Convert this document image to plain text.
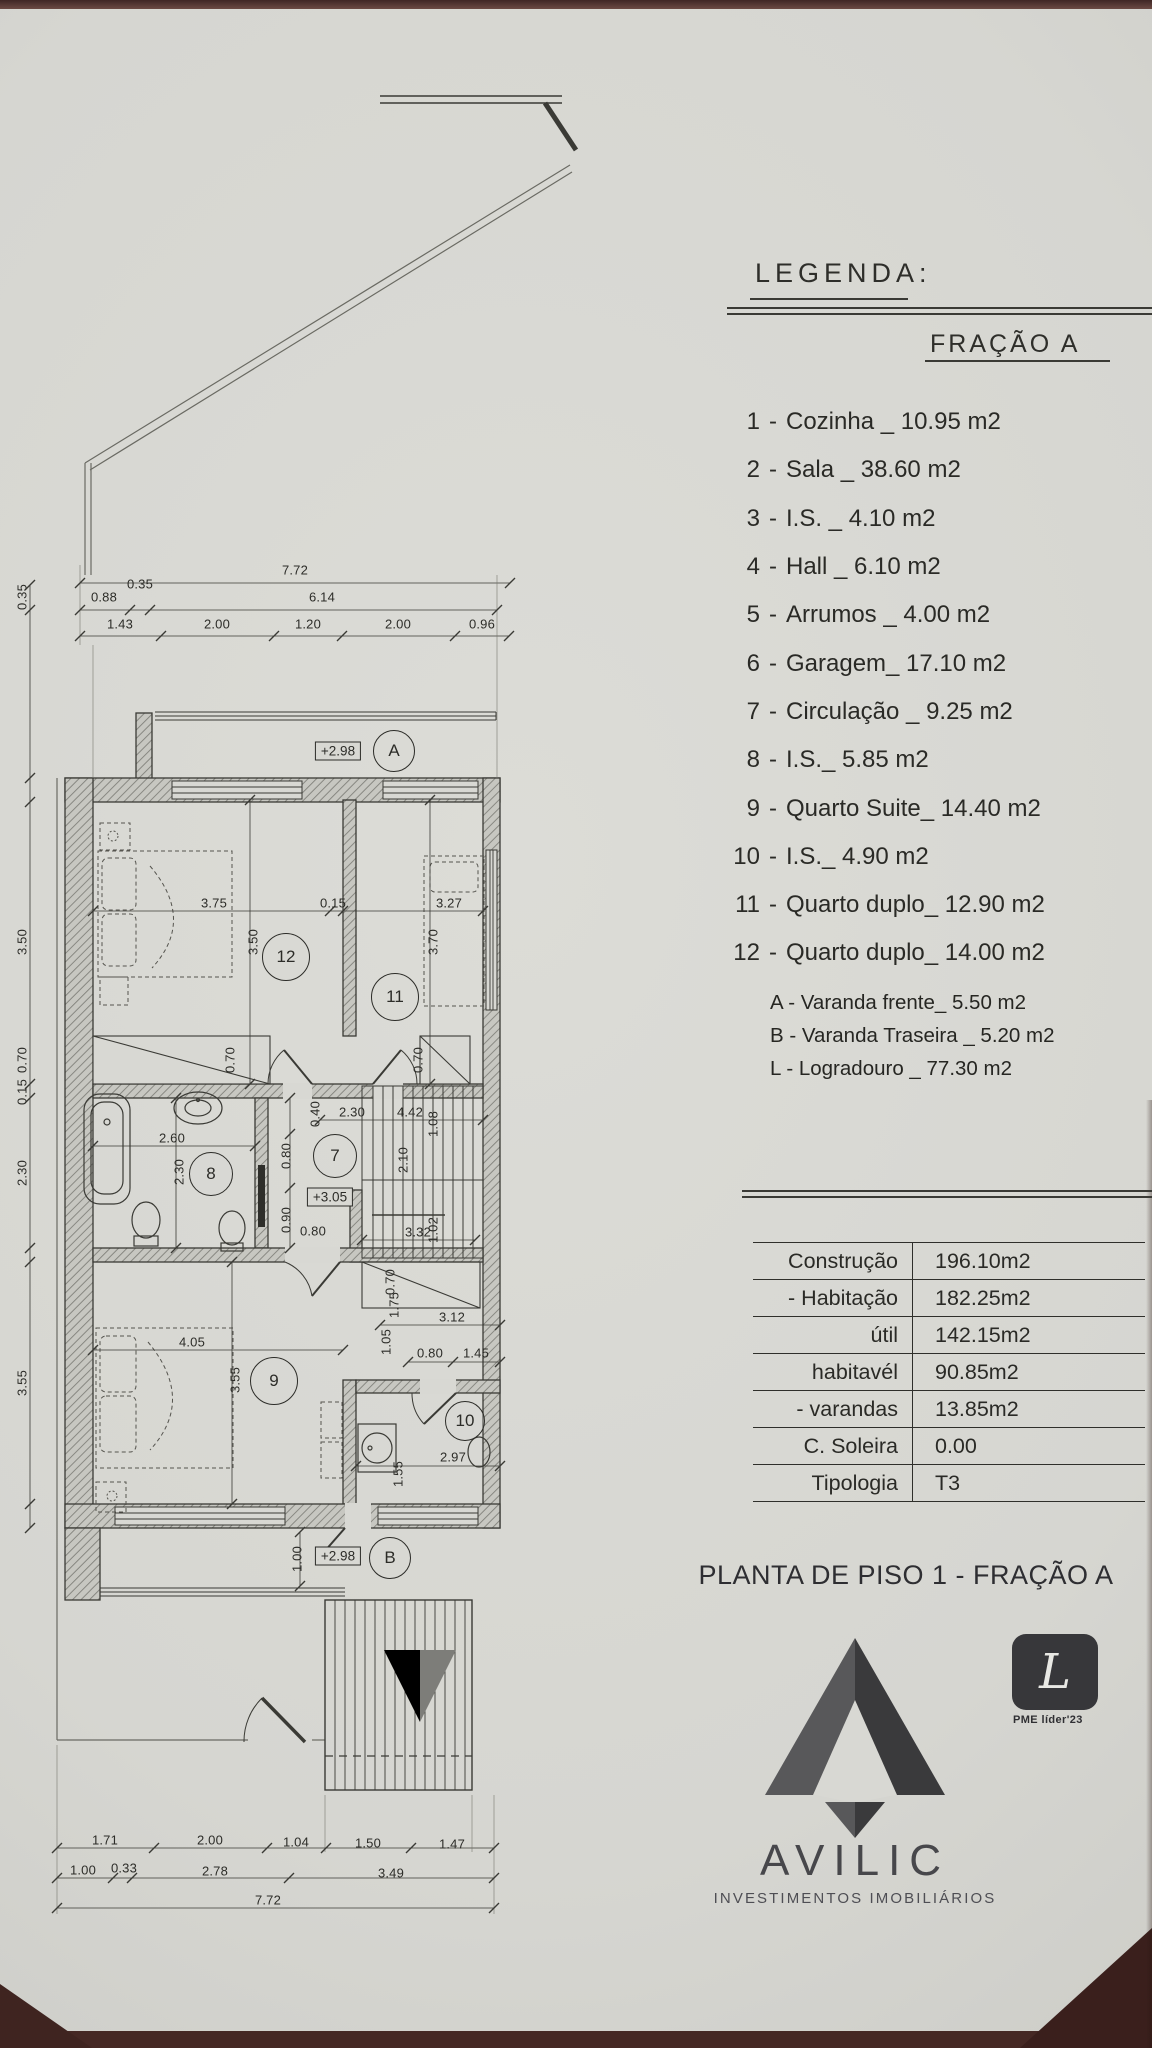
7.72
0.88
0.35
6.14
1.43	2.00	1.20	2.00	0.96
0.35
3.50
0.70
0.15
2.30
3.55
3.75	0.15	3.27
3.50	3.70
0.70	0.70
2.60
2.30
0.40 2.30 4.42
0.80
0.90 0.80
2.10
1.08
1.02
3.32
0.70
3.12
1.75
1.05 0.80 1.45
4.05
3.55
2.97
1.55
1.00
1.71	2.00	1.04	1.50	1.47
1.00 0.33	2.78	3.49
7.72
A
12
11
8
7
9
10
B
+2.98
+3.05
+2.98
LEGENDA:
FRAÇÃO A
1 - Cozinha _ 10.95 m2
2 - Sala _ 38.60 m2
3 - I.S. _ 4.10 m2
4 - Hall _ 6.10 m2
5 - Arrumos _ 4.00 m2
6 - Garagem_ 17.10 m2
7 - Circulação _ 9.25 m2
8 - I.S._ 5.85 m2
9 - Quarto Suite_ 14.40 m2
10 - I.S._ 4.90 m2
11 - Quarto duplo_ 12.90 m2
12 - Quarto duplo_ 14.00 m2
A - Varanda frente_ 5.50 m2
B - Varanda Traseira _ 5.20 m2
L - Logradouro _ 77.30 m2
Construção	196.10m2
- Habitação	182.25m2
útil	142.15m2
habitavél	90.85m2
- varandas	13.85m2
C. Soleira	0.00
Tipologia	T3
PLANTA DE PISO 1 - FRAÇÃO A
AVILIC
INVESTIMENTOS IMOBILIÁRIOS
L
PME líder'23
